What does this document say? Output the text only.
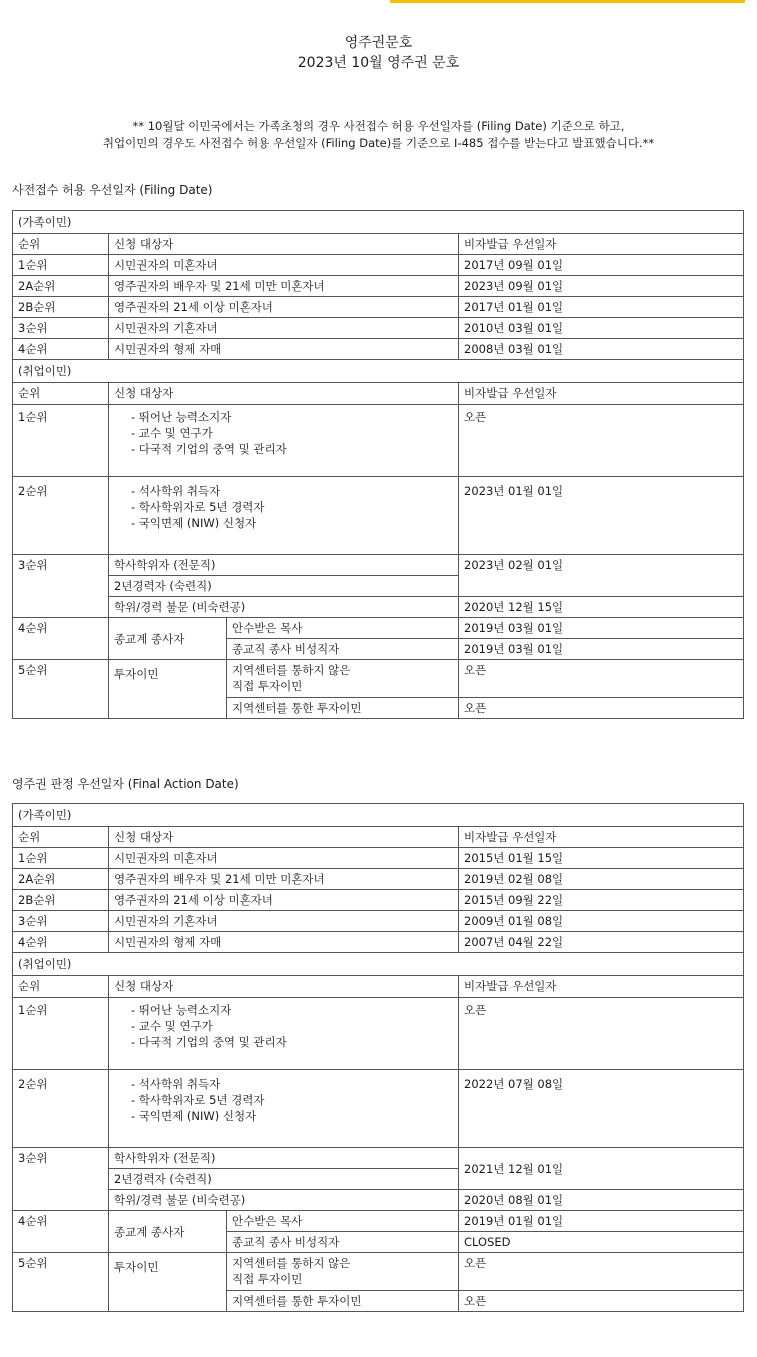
영주권문호
2023년 10월 영주권 문호
** 10월달 이민국에서는 가족초청의 경우 사전접수 허용 우선일자를 (Filing Date) 기준으로 하고,
취업이민의 경우도 사전접수 허용 우선일자 (Filing Date)를 기준으로 I-485 접수를 받는다고 발표했습니다.**
사전접수 허용 우선일자 (Filing Date)
(가족이민)			
순위	신청 대상자		비자발급 우선일자
1순위	시민권자의 미혼자녀		2017년 09월 01일
2A순위	영주권자의 배우자 및 21세 미만 미혼자녀		2023년 09월 01일
2B순위	영주권자의 21세 이상 미혼자녀		2017년 01월 01일
3순위	시민권자의 기혼자녀		2010년 03월 01일
4순위	시민권자의 형제 자매		2008년 03월 01일
(취업이민)			
순위	신청 대상자		비자발급 우선일자
1순위	- 뛰어난 능력소지자
- 교수 및 연구가
- 다국적 기업의 중역 및 관리자		오픈
2순위	- 석사학위 취득자
- 학사학위자로 5년 경력자
- 국익면제 (NIW) 신청자		2023년 01월 01일
3순위	학사학위자 (전문직)		2023년 02월 01일
	2년경력자 (숙련직)		
	학위/경력 불문 (비숙련공)		2020년 12월 15일
4순위	종교계 종사자	안수받은 목사	2019년 03월 01일
		종교직 종사 비성직자	2019년 03월 01일
5순위	투자이민	지역센터를 통하지 않은
직접 투자이민	오픈
		지역센터를 통한 투자이민	오픈
영주권 판정 우선일자 (Final Action Date)
(가족이민)			
순위	신청 대상자		비자발급 우선일자
1순위	시민권자의 미혼자녀		2015년 01월 15일
2A순위	영주권자의 배우자 및 21세 미만 미혼자녀		2019년 02월 08일
2B순위	영주권자의 21세 이상 미혼자녀		2015년 09월 22일
3순위	시민권자의 기혼자녀		2009년 01월 08일
4순위	시민권자의 형제 자매		2007년 04월 22일
(취업이민)			
순위	신청 대상자		비자발급 우선일자
1순위	- 뛰어난 능력소지자
- 교수 및 연구가
- 다국적 기업의 중역 및 관리자		오픈
2순위	- 석사학위 취득자
- 학사학위자로 5년 경력자
- 국익면제 (NIW) 신청자		2022년 07월 08일
3순위	학사학위자 (전문직)		2021년 12월 01일
	2년경력자 (숙련직)		
	학위/경력 불문 (비숙련공)		2020년 08월 01일
4순위	종교계 종사자	안수받은 목사	2019년 01월 01일
		종교직 종사 비성직자	CLOSED
5순위	투자이민	지역센터를 통하지 않은
직접 투자이민	오픈
		지역센터를 통한 투자이민	오픈
